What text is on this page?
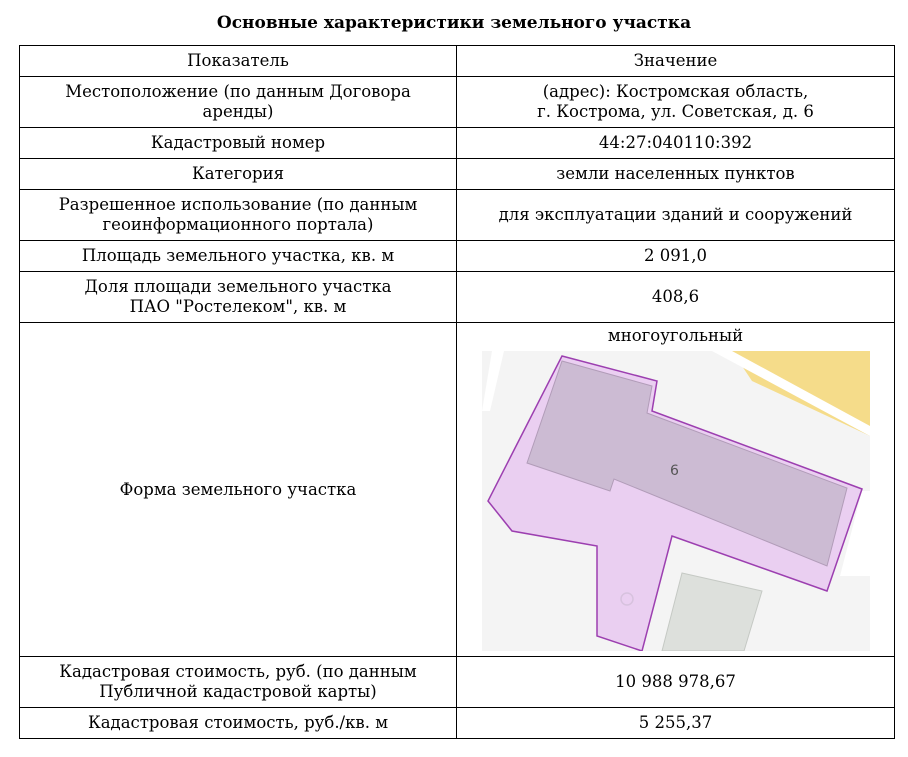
Основные характеристики земельного участка
Показатель	Значение

Местоположение (по данным Договора
аренды)	(адрес): Костромская область,
г. Кострома, ул. Советская, д. 6

Кадастровый номер	44:27:040110:392
Категория	земли населенных пунктов

Разрешенное использование (по данным
геоинформационного портала)	для эксплуатации зданий и сооружений
Площадь земельного участка, кв. м	2 091,0

Доля площади земельного участка
ПАО "Ростелеком", кв. м	408,6
Форма земельного участка	многоугольный
6

Кадастровая стоимость, руб. (по данным
Публичной кадастровой карты)	10 988 978,67
Кадастровая стоимость, руб./кв. м	5 255,37
